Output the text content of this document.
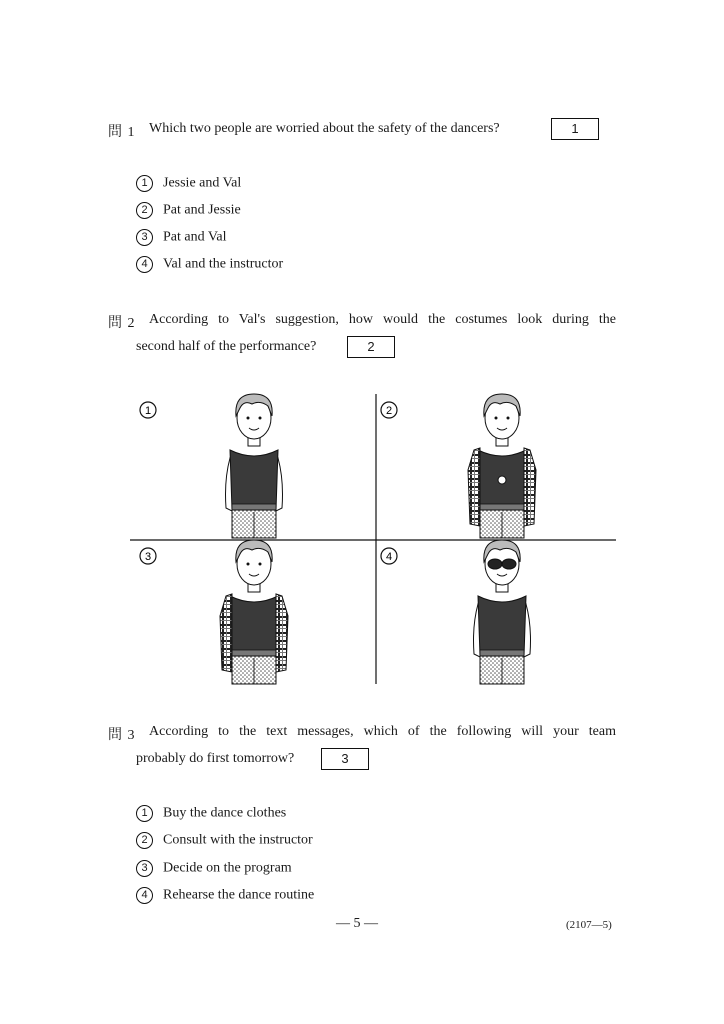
問 1 Which two people are worried about the safety of the dancers?	1
1 Jessie and Val
2 Pat and Jessie
3 Pat and Val
4 Val and the instructor
問 2 According to Val's suggestion, how would the costumes look during the
second half of the performance?	2
1	2
3	4
問 3 According to the text messages, which of the following will your team
probably do first tomorrow?	3
1 Buy the dance clothes
2 Consult with the instructor
3 Decide on the program
4 Rehearse the dance routine
— 5 —	(2107—5)
